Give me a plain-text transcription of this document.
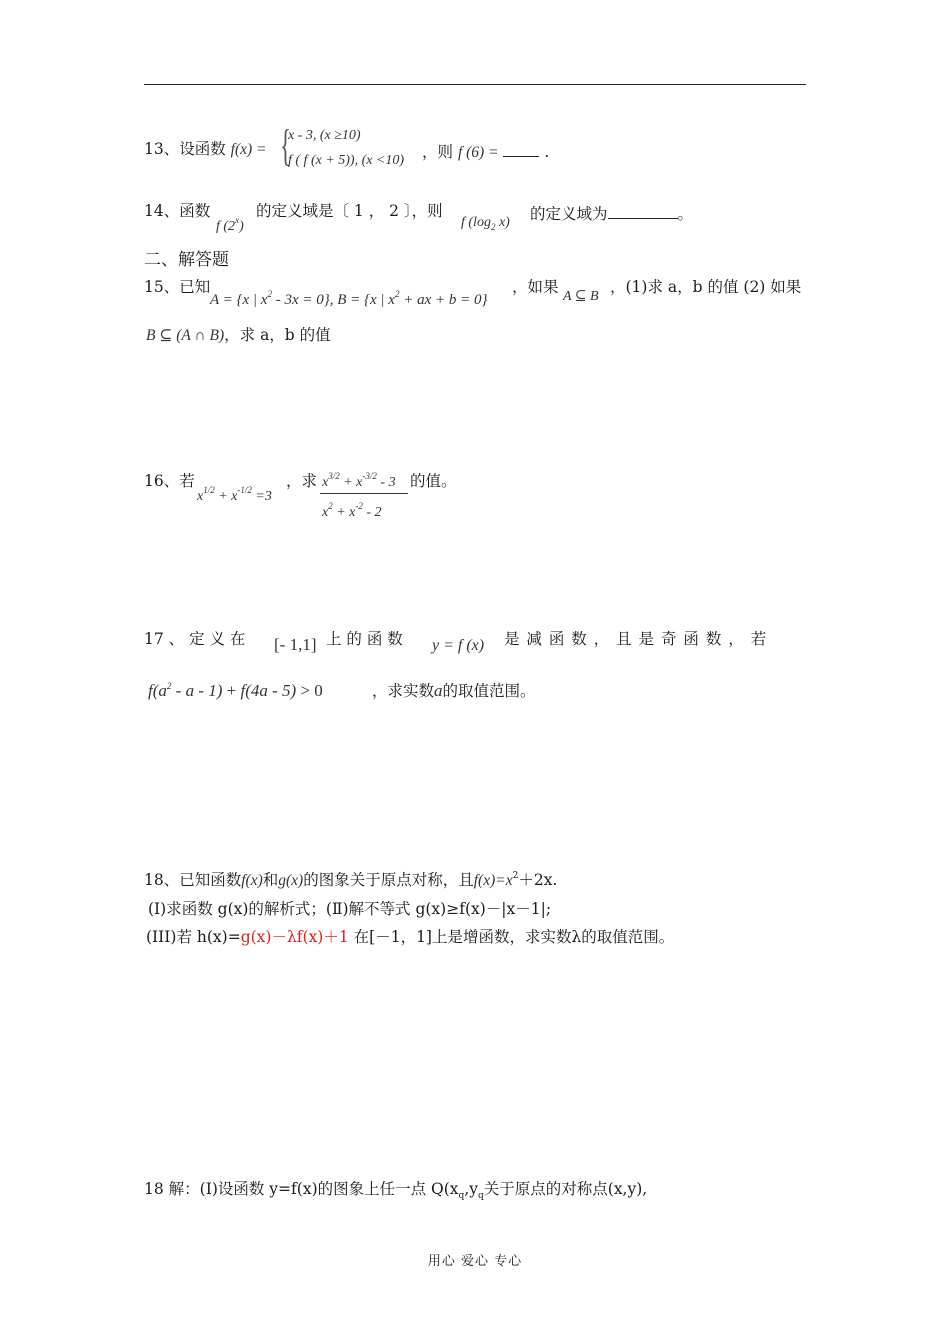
13、设函数 f(x) = {
x - 3, (x ≥10)
f ( f (x + 5)), (x <10) ，则 f (6) =	.
14、函数
f (2$^x$)
的定义域是〔 1 ， 2 〕，则
f ($\log_2$ x) 的定义域为	。
二、解答题
15、已知
A = {x | $x^2 - 3x = 0$}, B = {x | $x^2$ + ax + b = 0}
，如果
A ⊆ B
，(1)求 a，b 的值 (2) 如果
B ⊆ (A ∩ B)，求 a，b 的值
16、若
$x^{1/2} + x^{-1/2} =3$
，求 $x^{3/2} + x^{-3/2} - 3$
$x^2 + x^{-2} - 2$
的值。
17 、 定 义 在 [- 1,1] 上 的 函 数 y = f (x) 是 减 函 数 ， 且 是 奇 函 数 ， 若
$f(a^2 - a - 1) + f(4a - 5) > 0$	，求实数a的取值范围。
18、已知函数f(x)和g(x)的图象关于原点对称，且$f(x)=x^2+2x$.
(Ⅰ)求函数 g(x)的解析式；(Ⅱ)解不等式 g(x)≥f(x)－|x－1|;
(III)若 h(x)=g(x)－λf(x)＋1 在[－1，1]上是增函数，求实数λ的取值范围。
18 解：(Ⅰ)设函数 y=f(x)的图象上任一点 $Q(x_q,y_q$关于原点的对称点(x,y),
用心 爱心 专心
